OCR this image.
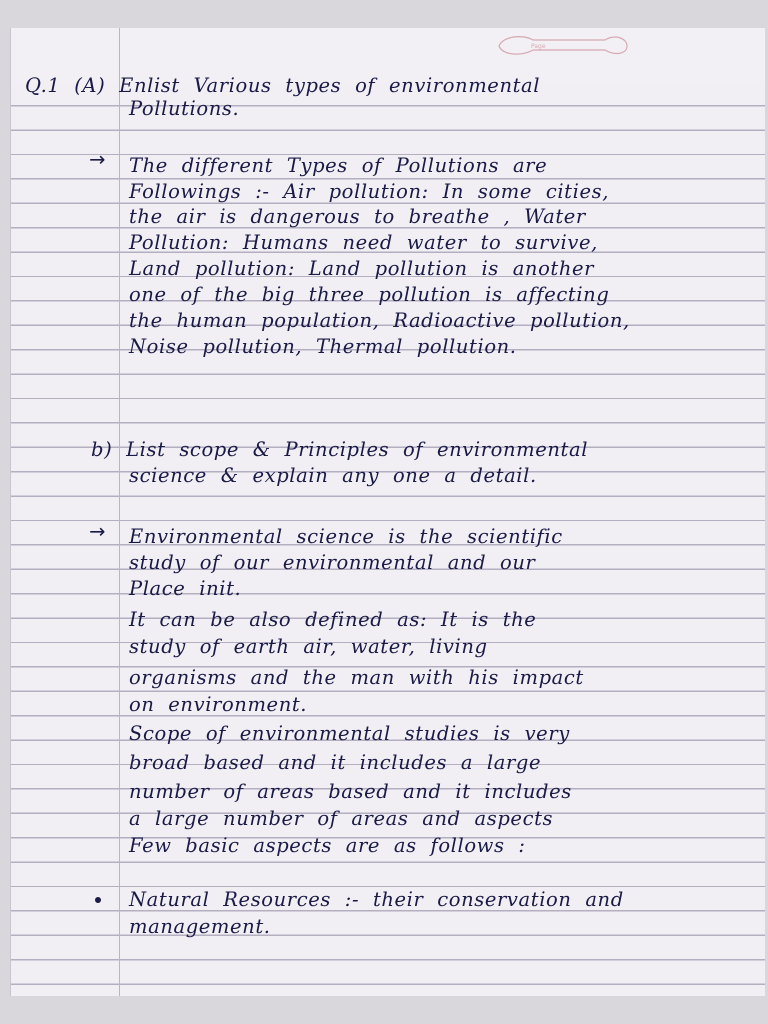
Page
Q.1 (A) Enlist Various types of environmental
Pollutions.
→	The different Types of Pollutions are
Followings :- Air pollution: In some cities,
the air is dangerous to breathe , Water
Pollution: Humans need water to survive,
Land pollution: Land pollution is another
one of the big three pollution is affecting
the human population, Radioactive pollution,
Noise pollution, Thermal pollution.
b) List scope & Principles of environmental
science & explain any one a detail.
→	Environmental science is the scientific
study of our environmental and our
Place init.
It can be also defined as: It is the
study of earth air, water, living
organisms and the man with his impact
on environment.
Scope of environmental studies is very
broad based and it includes a large
number of areas based and it includes
a large number of areas and aspects
Few basic aspects are as follows :
Natural Resources :- their conservation and
management.
